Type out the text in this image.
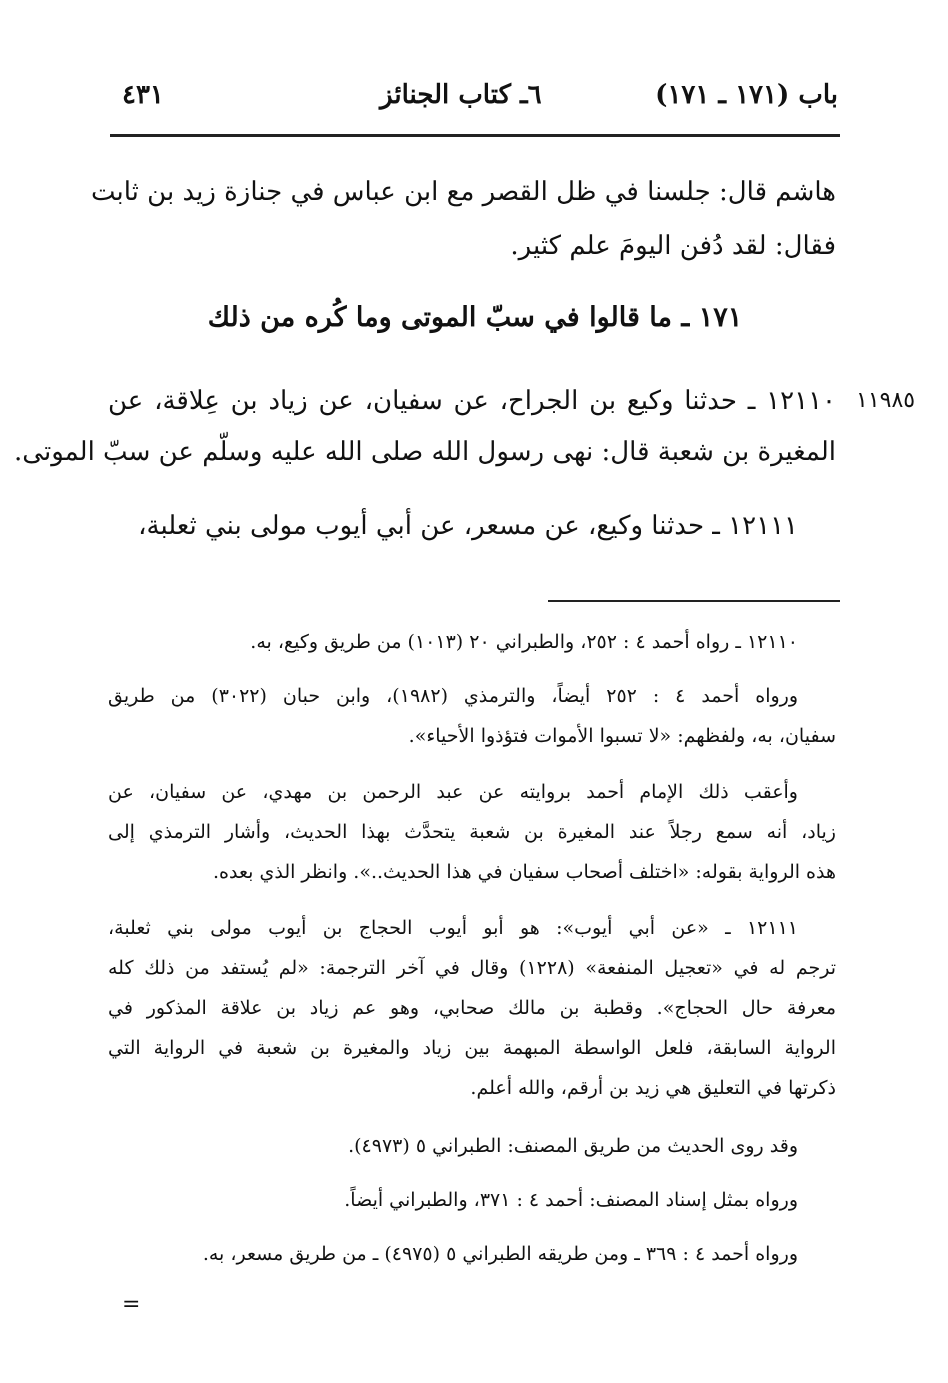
٤٣١	٦ـ كتاب الجنائز	باب (١٧١ ـ ١٧١)
هاشم قال: جلسنا في ظل القصر مع ابن عباس في جنازة زيد بن ثابت
فقال: لقد دُفن اليومَ علم كثير.
١٧١ ـ ما قالوا في سبّ الموتى وما كُره من ذلك
١١٩٨٥
١٢١١٠ ـ حدثنا وكيع بن الجراح، عن سفيان، عن زياد بن عِلاقة، عن
المغيرة بن شعبة قال: نهى رسول الله صلى الله عليه وسلّم عن سبّ الموتى.
١٢١١١ ـ حدثنا وكيع، عن مسعر، عن أبي أيوب مولى بني ثعلبة،
١٢١١٠ ـ رواه أحمد ٤ : ٢٥٢، والطبراني ٢٠ (١٠١٣) من طريق وكيع، به.
ورواه أحمد ٤ : ٢٥٢ أيضاً، والترمذي (١٩٨٢)، وابن حبان (٣٠٢٢) من طريق
سفيان، به، ولفظهم: «لا تسبوا الأموات فتؤذوا الأحياء».
وأعقب ذلك الإمام أحمد بروايته عن عبد الرحمن بن مهدي، عن سفيان، عن
زياد، أنه سمع رجلاً عند المغيرة بن شعبة يتحدَّث بهذا الحديث، وأشار الترمذي إلى
هذه الرواية بقوله: «اختلف أصحاب سفيان في هذا الحديث..». وانظر الذي بعده.
١٢١١١ ـ «عن أبي أيوب»: هو أبو أيوب الحجاج بن أيوب مولى بني ثعلبة،
ترجم له في «تعجيل المنفعة» (١٢٢٨) وقال في آخر الترجمة: «لم يُستفد من ذلك كله
معرفة حال الحجاج». وقطبة بن مالك صحابي، وهو عم زياد بن علاقة المذكور في
الرواية السابقة، فلعل الواسطة المبهمة بين زياد والمغيرة بن شعبة في الرواية التي
ذكرتها في التعليق هي زيد بن أرقم، والله أعلم.
وقد روى الحديث من طريق المصنف: الطبراني ٥ (٤٩٧٣).
ورواه بمثل إسناد المصنف: أحمد ٤ : ٣٧١، والطبراني أيضاً.
ورواه أحمد ٤ : ٣٦٩ ـ ومن طريقه الطبراني ٥ (٤٩٧٥) ـ من طريق مسعر، به.
=
